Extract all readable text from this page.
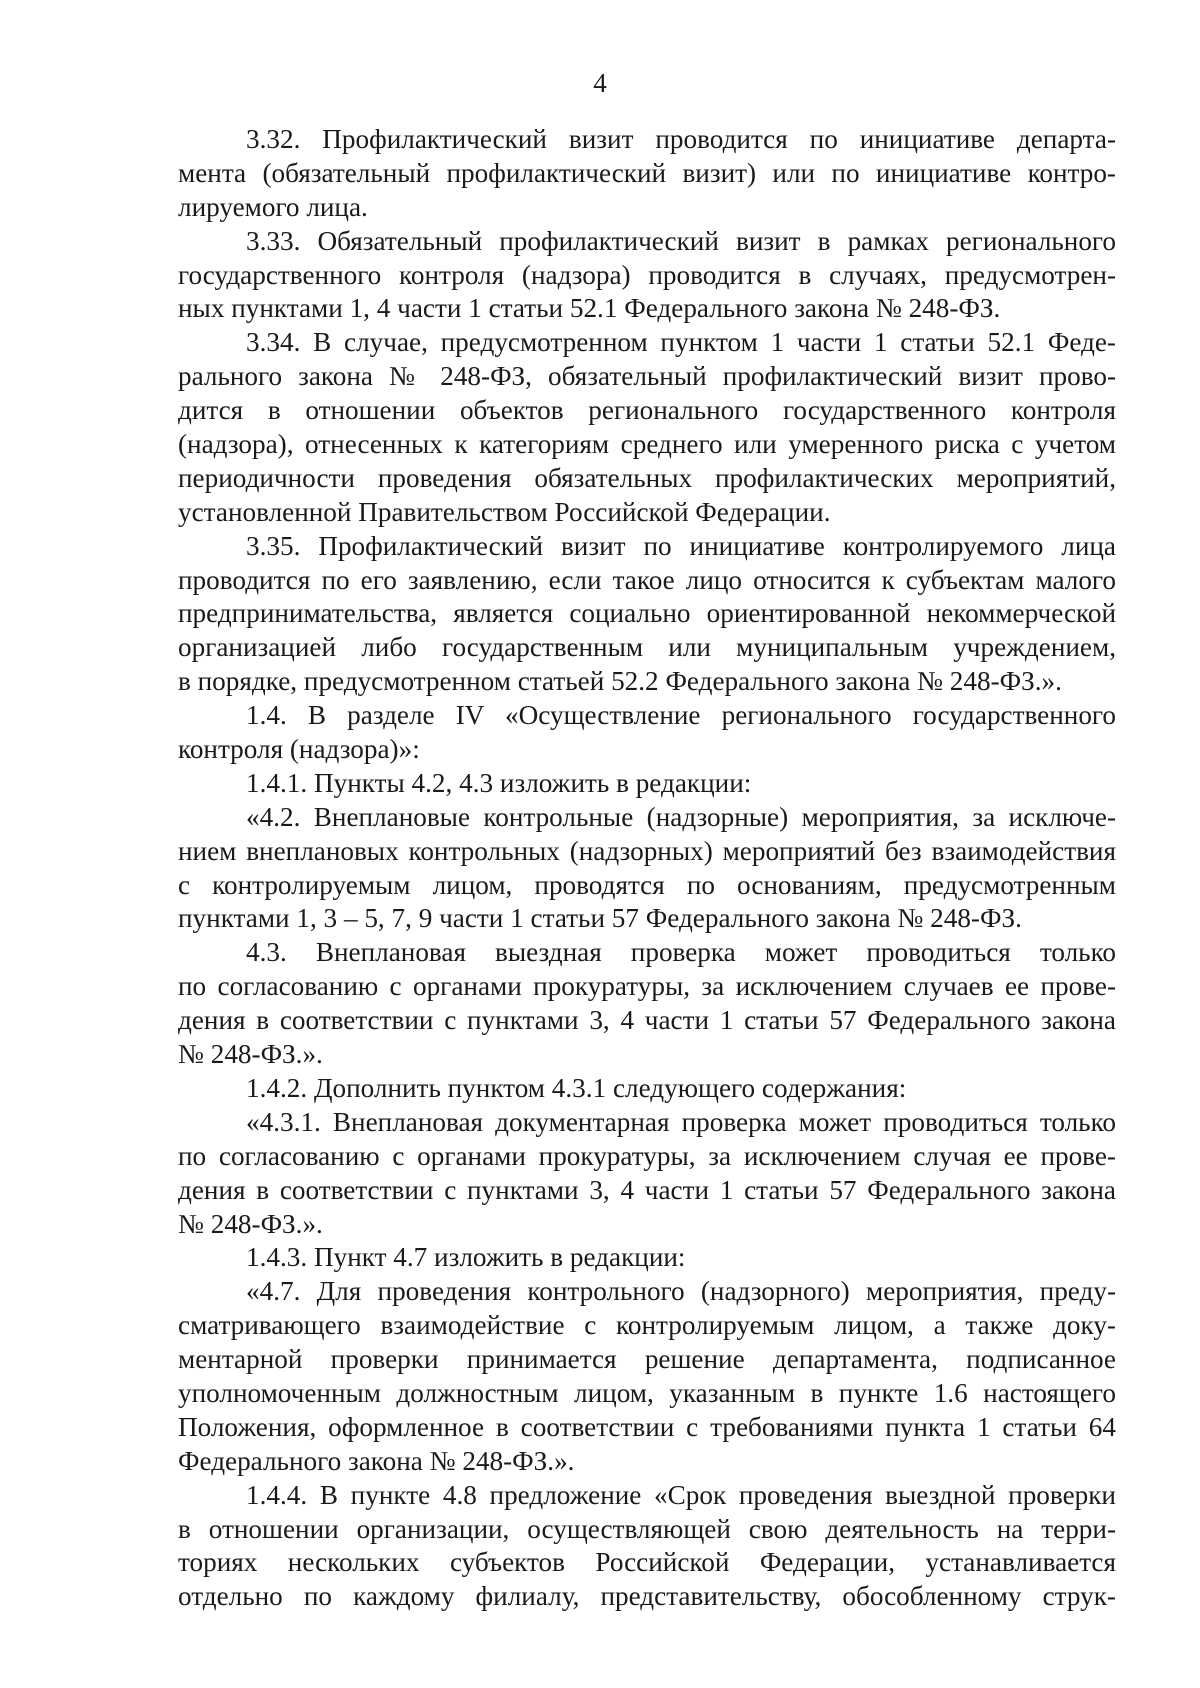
4
3.32. Профилактический визит проводится по инициативе департа-
мента (обязательный профилактический визит) или по инициативе контро-
лируемого лица.
3.33. Обязательный профилактический визит в рамках регионального
государственного контроля (надзора) проводится в случаях, предусмотрен-
ных пунктами 1, 4 части 1 статьи 52.1 Федерального закона № 248-ФЗ.
3.34. В случае, предусмотренном пунктом 1 части 1 статьи 52.1 Феде-
рального закона № 248-ФЗ, обязательный профилактический визит прово-
дится в отношении объектов регионального государственного контроля
(надзора), отнесенных к категориям среднего или умеренного риска с учетом
периодичности проведения обязательных профилактических мероприятий,
установленной Правительством Российской Федерации.
3.35. Профилактический визит по инициативе контролируемого лица
проводится по его заявлению, если такое лицо относится к субъектам малого
предпринимательства, является социально ориентированной некоммерческой
организацией либо государственным или муниципальным учреждением,
в порядке, предусмотренном статьей 52.2 Федерального закона № 248-ФЗ.».
1.4. В разделе IV «Осуществление регионального государственного
контроля (надзора)»:
1.4.1. Пункты 4.2, 4.3 изложить в редакции:
«4.2. Внеплановые контрольные (надзорные) мероприятия, за исключе-
нием внеплановых контрольных (надзорных) мероприятий без взаимодействия
с контролируемым лицом, проводятся по основаниям, предусмотренным
пунктами 1, 3 – 5, 7, 9 части 1 статьи 57 Федерального закона № 248-ФЗ.
4.3. Внеплановая выездная проверка может проводиться только
по согласованию с органами прокуратуры, за исключением случаев ее прове-
дения в соответствии с пунктами 3, 4 части 1 статьи 57 Федерального закона
№ 248-ФЗ.».
1.4.2. Дополнить пунктом 4.3.1 следующего содержания:
«4.3.1. Внеплановая документарная проверка может проводиться только
по согласованию с органами прокуратуры, за исключением случая ее прове-
дения в соответствии с пунктами 3, 4 части 1 статьи 57 Федерального закона
№ 248-ФЗ.».
1.4.3. Пункт 4.7 изложить в редакции:
«4.7. Для проведения контрольного (надзорного) мероприятия, преду-
сматривающего взаимодействие с контролируемым лицом, а также доку-
ментарной проверки принимается решение департамента, подписанное
уполномоченным должностным лицом, указанным в пункте 1.6 настоящего
Положения, оформленное в соответствии с требованиями пункта 1 статьи 64
Федерального закона № 248-ФЗ.».
1.4.4. В пункте 4.8 предложение «Срок проведения выездной проверки
в отношении организации, осуществляющей свою деятельность на терри-
ториях нескольких субъектов Российской Федерации, устанавливается
отдельно по каждому филиалу, представительству, обособленному струк-
